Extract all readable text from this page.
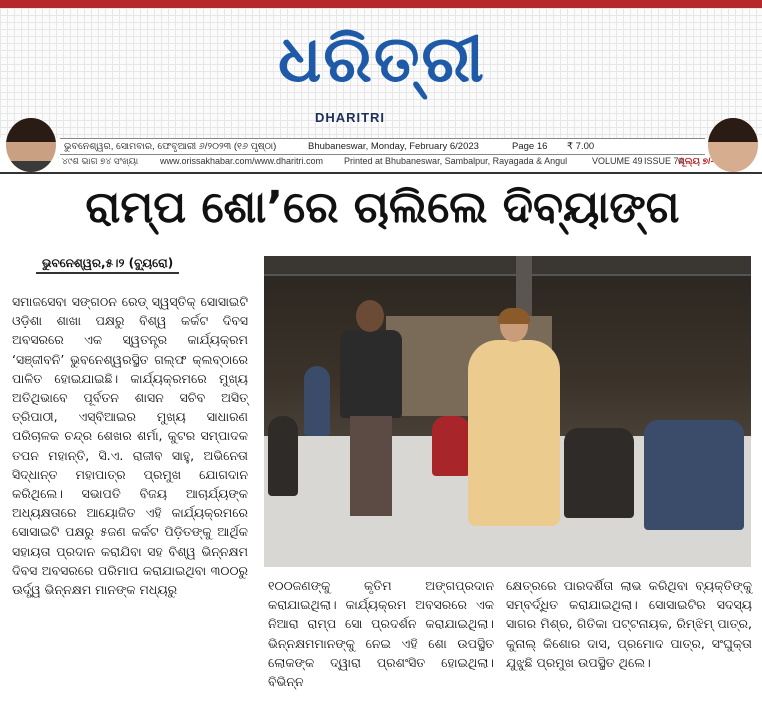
ଧରିତ୍ରୀ
DHARITRI
ଭୁବନେଶ୍ୱର, ସୋମବାର, ଫେବୃଆରୀ ୬/୨୦୨୩ (୧୬ ପୃଷ୍ଠା)	Bhubaneswar, Monday, February 6/2023	Page 16 ₹ 7.00
୪୯ଶ ଭାଗ ୭୪ ସଂଖ୍ୟା www.orissakhabar.com/www.dharitri.com Printed at Bhubaneswar, Sambalpur, Rayagada & Angul	VOLUME 49 ISSUE 74
ମୂଲ୍ୟ ୭/-
ରାମ୍ପ ଶୋ’ରେ ଚାଲିଲେ ଦିବ୍ୟାଙ୍ଗ
ଭୁବନେଶ୍ୱର,୫।୨ (ବ୍ୟୁରୋ)

ସମାଜସେବା ସଙ୍ଗଠନ ରେଡ୍ ସ୍ୱସ୍ତିକ୍ ସୋସାଇଟି ଓଡ଼ିଶା ଶାଖା ପକ୍ଷରୁ ବିଶ୍ୱ କର୍କଟ ଦିବସ ଅବସରରେ ଏକ ସ୍ୱତନ୍ତ୍ର କାର୍ଯ୍ୟକ୍ରମ ‘ସଞ୍ଜୀବନି’ ଭୁବନେଶ୍ୱରସ୍ଥିତ ଗଲ୍ଫ କ୍ଲବ୍‌ଠାରେ ପାଳିତ ହୋଇଯାଇଛି। କାର୍ଯ୍ୟକ୍ରମରେ ମୁଖ୍ୟ ଅତିଥିଭାବେ ପୂର୍ବତନ ଶାସନ ସଚିବ ଅସିତ୍ ତ୍ରିପାଠୀ, ଏସ୍‌ବିଆଇର ମୁଖ୍ୟ ସାଧାରଣ ପରିଚାଳକ ଚନ୍ଦ୍ର ଶେଖର ଶର୍ମା, କୁଟର ସମ୍ପାଦକ ତପନ ମହାନ୍ତି, ସି.ଏ. ରାଜୀବ ସାହୁ, ଅଭିନେତା ସିଦ୍ଧାନ୍ତ ମହାପାତ୍ର ପ୍ରମୁଖ ଯୋଗଦାନ କରିଥିଲେ। ସଭାପତି ବିଜୟ ଆଚାର୍ଯ୍ୟଙ୍କ ଅଧ୍ୟକ୍ଷତାରେ ଆୟୋଜିତ ଏହି କାର୍ଯ୍ୟକ୍ରମରେ ସୋସାଇଟି ପକ୍ଷରୁ ୫ଜଣ କର୍କଟ ପିଡ଼ିତଙ୍କୁ ଆର୍ଥିକ ସହାୟତା ପ୍ରଦାନ କରାଯିବା ସହ ବିଶ୍ୱ ଭିନ୍ନକ୍ଷମ ଦିବସ ଅବସରରେ ପରିମାପ କରାଯାଇଥିବା ୩୦୦ରୁ ଊର୍ଦ୍ଧ୍ୱ ଭିନ୍ନକ୍ଷମ ମାନଙ୍କ ମଧ୍ୟରୁ	୧୦୦ଜଣଙ୍କୁ କୃତିମ ଅଙ୍ଗପ୍ରଦାନ କରାଯାଇଥିଲା। କାର୍ଯ୍ୟକ୍ରମ ଅବସରରେ ଏକ ନିଆରା ରାମ୍ପ ସୋ ପ୍ରଦର୍ଶନ କରାଯାଇଥିଲା। ଭିନ୍ନକ୍ଷମମାନଙ୍କୁ ନେଇ ଏହି ଶୋ ଉପସ୍ଥିତ ଲୋକଙ୍କ ଦ୍ୱାରା ପ୍ରଶଂସିତ ହୋଇଥିଲା। ବିଭିନ୍ନ

କ୍ଷେତ୍ରରେ ପାରଦର୍ଶିତା ଲାଭ କରିଥିବା ବ୍ୟକ୍ତିଙ୍କୁ ସମ୍ବର୍ଦ୍ଧିତ କରାଯାଇଥିଲା। ସୋସାଇଟିର ସଦସ୍ୟ ସାଗର ମିଶ୍ର, ଗିତିକା ପଟ୍ଟନାୟକ, ରିମ୍‌ଝିମ୍ ପାତ୍ର, କୁନାଲ୍ କିଶୋର ଦାସ, ପ୍ରମୋଦ ପାତ୍ର, ସଂଘୁକ୍ତା ଯୁଝୁଛି ପ୍ରମୁଖ ଉପସ୍ଥିତ ଥିଲେ।
